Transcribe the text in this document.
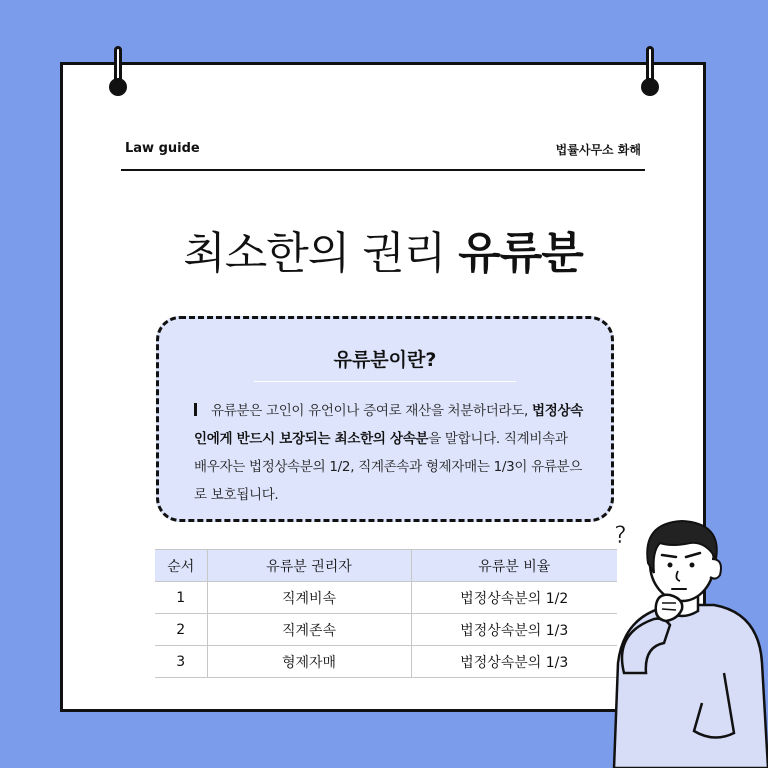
Law guide	법률사무소 화해
최소한의 권리 유류분
유류분이란?
유류분은 고인이 유언이나 증여로 재산을 처분하더라도, 법정상속인에게 반드시 보장되는 최소한의 상속분을 말합니다. 직계비속과 배우자는 법정상속분의 1/2, 직계존속과 형제자매는 1/3이 유류분으로 보호됩니다.
순서	유류분 권리자	유류분 비율
1	직계비속	법정상속분의 1/2
2	직계존속	법정상속분의 1/3
3	형제자매	법정상속분의 1/3
?
